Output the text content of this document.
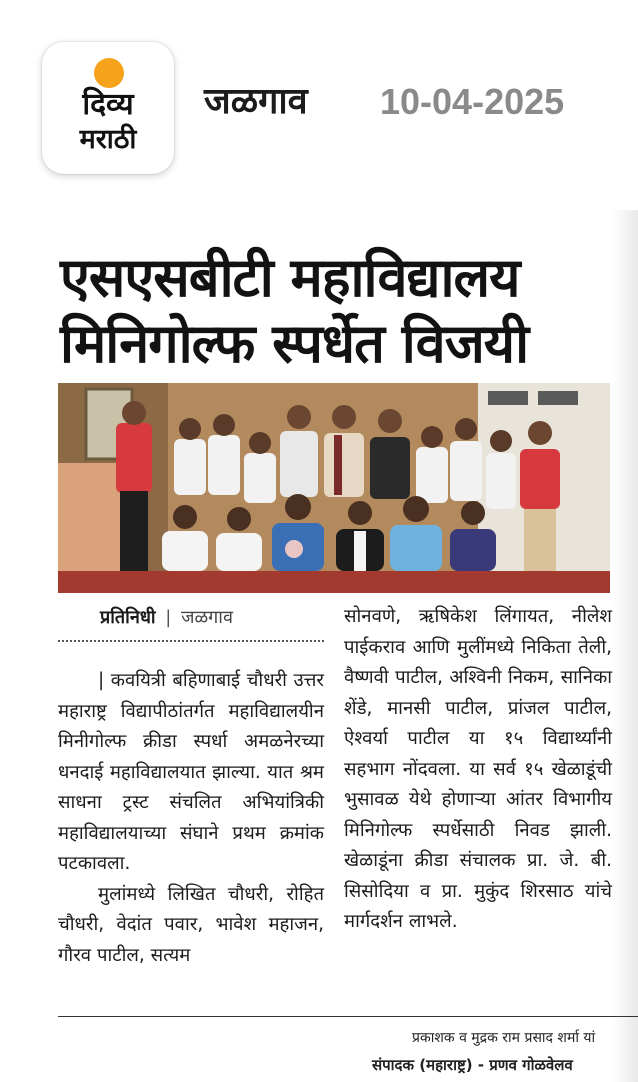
दिव्य
मराठी
जळगाव 10-04-2025
एसएसबीटी महाविद्यालय
मिनिगोल्फ स्पर्धेत विजयी
प्रतिनिधी | जळगाव

| कवयित्री बहिणाबाई चौधरी उत्तर महाराष्ट्र विद्यापीठांतर्गत महाविद्यालयीन मिनीगोल्फ क्रीडा स्पर्धा अमळनेरच्या धनदाई महाविद्यालयात झाल्या. यात श्रम साधना ट्रस्ट संचलित अभियांत्रिकी महाविद्यालयाच्या संघाने प्रथम क्रमांक पटकावला.

मुलांमध्ये लिखित चौधरी, रोहित चौधरी, वेदांत पवार, भावेश महाजन, गौरव पाटील, सत्यम

सोनवणे, ऋषिकेश लिंगायत, नीलेश पाईकराव आणि मुलींमध्ये निकिता तेली, वैष्णवी पाटील, अश्विनी निकम, सानिका शेंडे, मानसी पाटील, प्रांजल पाटील, ऐश्वर्या पाटील या १५ विद्यार्थ्यांनी सहभाग नोंदवला. या सर्व १५ खेळाडूंची भुसावळ येथे होणाऱ्या आंतर विभागीय मिनिगोल्फ स्पर्धेसाठी निवड झाली. खेळाडूंना क्रीडा संचालक प्रा. जे. बी. सिसोदिया व प्रा. मुकुंद शिरसाठ यांचे मार्गदर्शन लाभले.

प्रकाशक व मुद्रक राम प्रसाद शर्मा यां
संपादक (महाराष्ट्र) - प्रणव गोळवेलव
